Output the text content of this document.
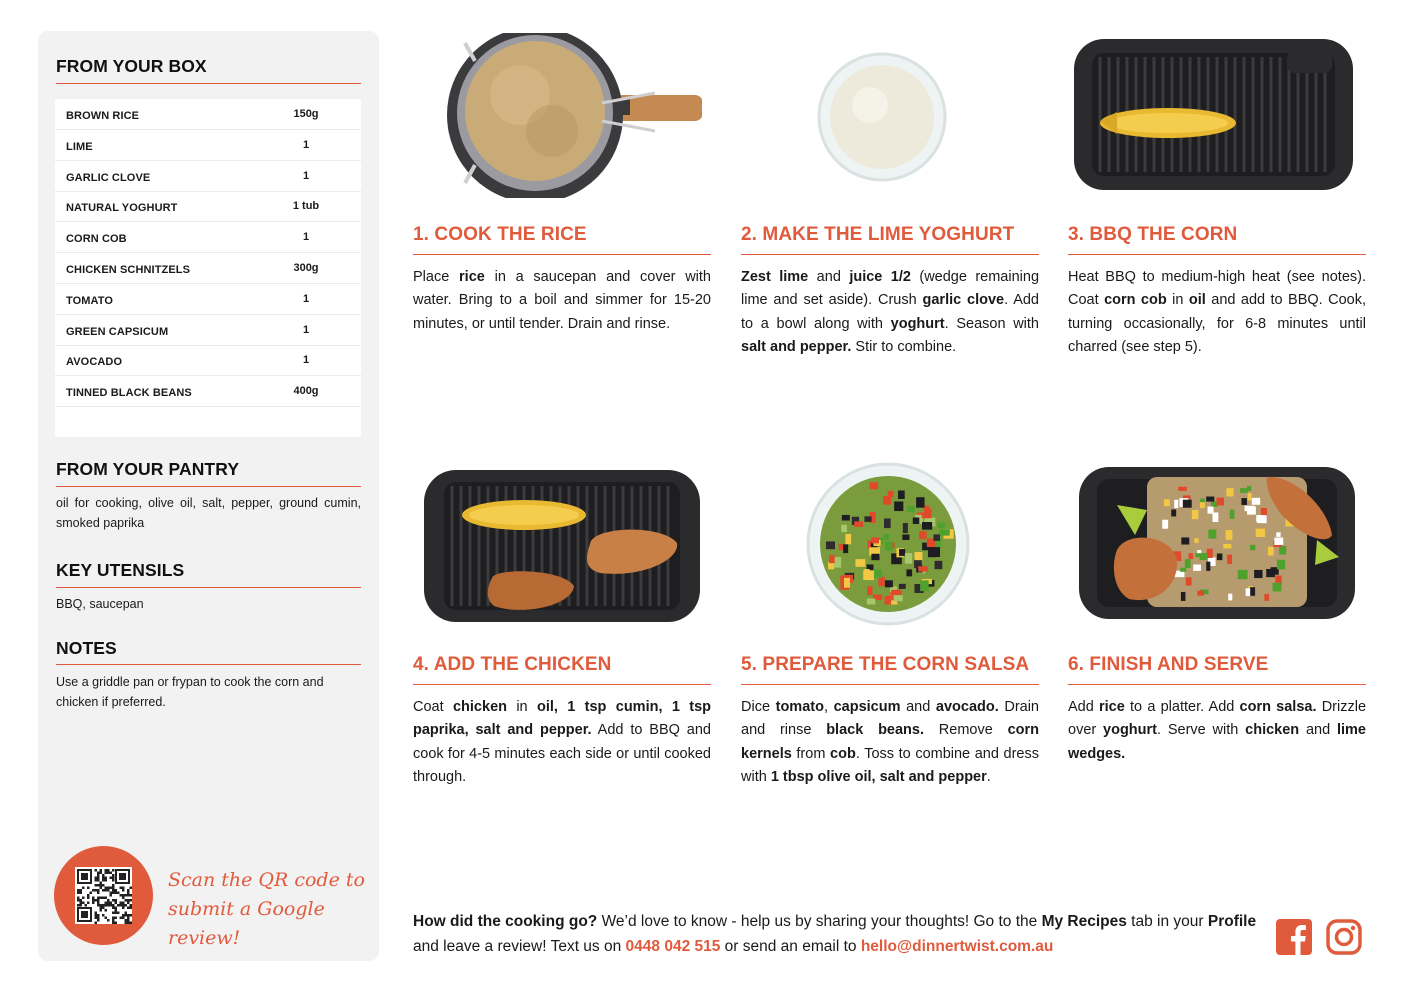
FROM YOUR BOX
BROWN RICE	150g
LIME	1
GARLIC CLOVE	1
NATURAL YOGHURT	1 tub
CORN COB	1
CHICKEN SCHNITZELS	300g
TOMATO	1
GREEN CAPSICUM	1
AVOCADO	1
TINNED BLACK BEANS	400g
FROM YOUR PANTRY
oil for cooking, olive oil, salt, pepper, ground cumin, smoked paprika
KEY UTENSILS
BBQ, saucepan
NOTES
Use a griddle pan or frypan to cook the corn and chicken if preferred.
Scan the QR code to
submit a Google review!
1. COOK THE RICE
Place rice in a saucepan and cover with water. Bring to a boil and simmer for 15-20 minutes, or until tender. Drain and rinse.
2. MAKE THE LIME YOGHURT
Zest lime and juice 1/2 (wedge remaining lime and set aside). Crush garlic clove. Add to a bowl along with yoghurt. Season with salt and pepper. Stir to combine.
3. BBQ THE CORN
Heat BBQ to medium-high heat (see notes). Coat corn cob in oil and add to BBQ. Cook, turning occasionally, for 6-8 minutes until charred (see step 5).
4. ADD THE CHICKEN
Coat chicken in oil, 1 tsp cumin, 1 tsp paprika, salt and pepper. Add to BBQ and cook for 4-5 minutes each side or until cooked through.
5. PREPARE THE CORN SALSA
Dice tomato, capsicum and avocado. Drain and rinse black beans. Remove corn kernels from cob. Toss to combine and dress with 1 tbsp olive oil, salt and pepper.
6. FINISH AND SERVE
Add rice to a platter. Add corn salsa. Drizzle over yoghurt. Serve with chicken and lime wedges.
How did the cooking go? We’d love to know - help us by sharing your thoughts! Go to the My Recipes tab in your Profile and leave a review! Text us on 0448 042 515 or send an email to hello@dinnertwist.com.au
